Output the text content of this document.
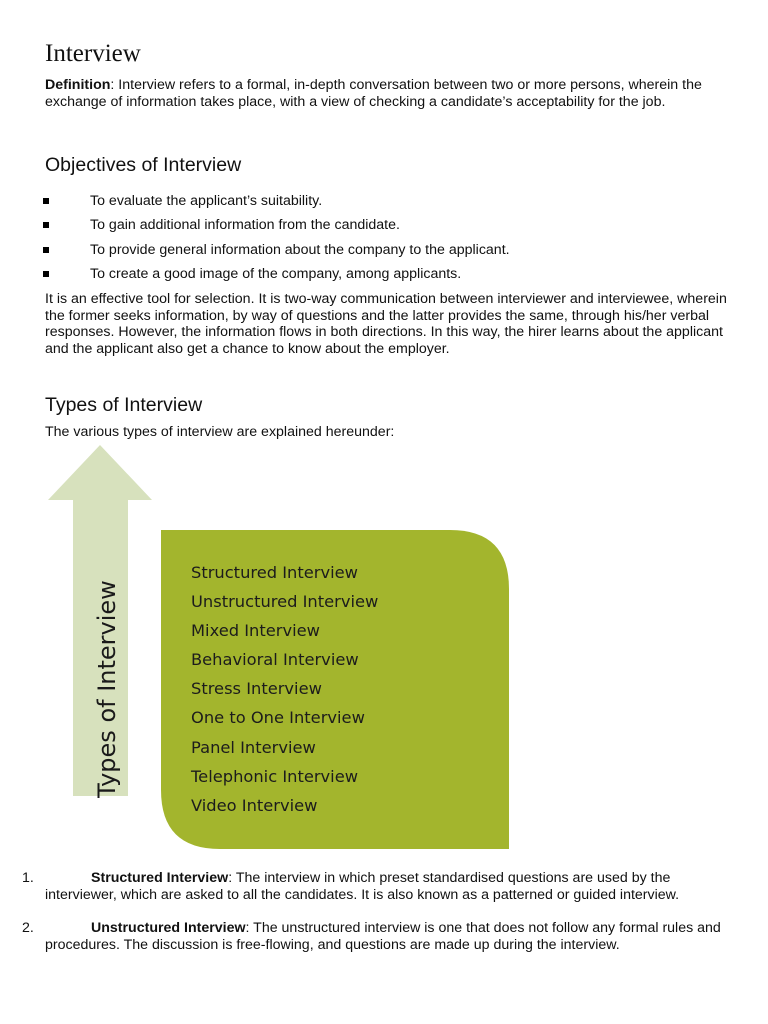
Interview
Definition: Interview refers to a formal, in-depth conversation between two or more persons, wherein the exchange of information takes place, with a view of checking a candidate’s acceptability for the job.
Objectives of Interview
To evaluate the applicant’s suitability.
To gain additional information from the candidate.
To provide general information about the company to the applicant.
To create a good image of the company, among applicants.
It is an effective tool for selection. It is two-way communication between interviewer and interviewee, wherein the former seeks information, by way of questions and the latter provides the same, through his/her verbal responses. However, the information flows in both directions. In this way, the hirer learns about the applicant and the applicant also get a chance to know about the employer.
Types of Interview
The various types of interview are explained hereunder:
Types of Interview
Structured Interview
Unstructured Interview
Mixed Interview
Behavioral Interview
Stress Interview
One to One Interview
Panel Interview
Telephonic Interview
Video Interview
1.	Structured Interview: The interview in which preset standardised questions are used by the interviewer, which are asked to all the candidates. It is also known as a patterned or guided interview.
2.	Unstructured Interview: The unstructured interview is one that does not follow any formal rules and procedures. The discussion is free-flowing, and questions are made up during the interview.
